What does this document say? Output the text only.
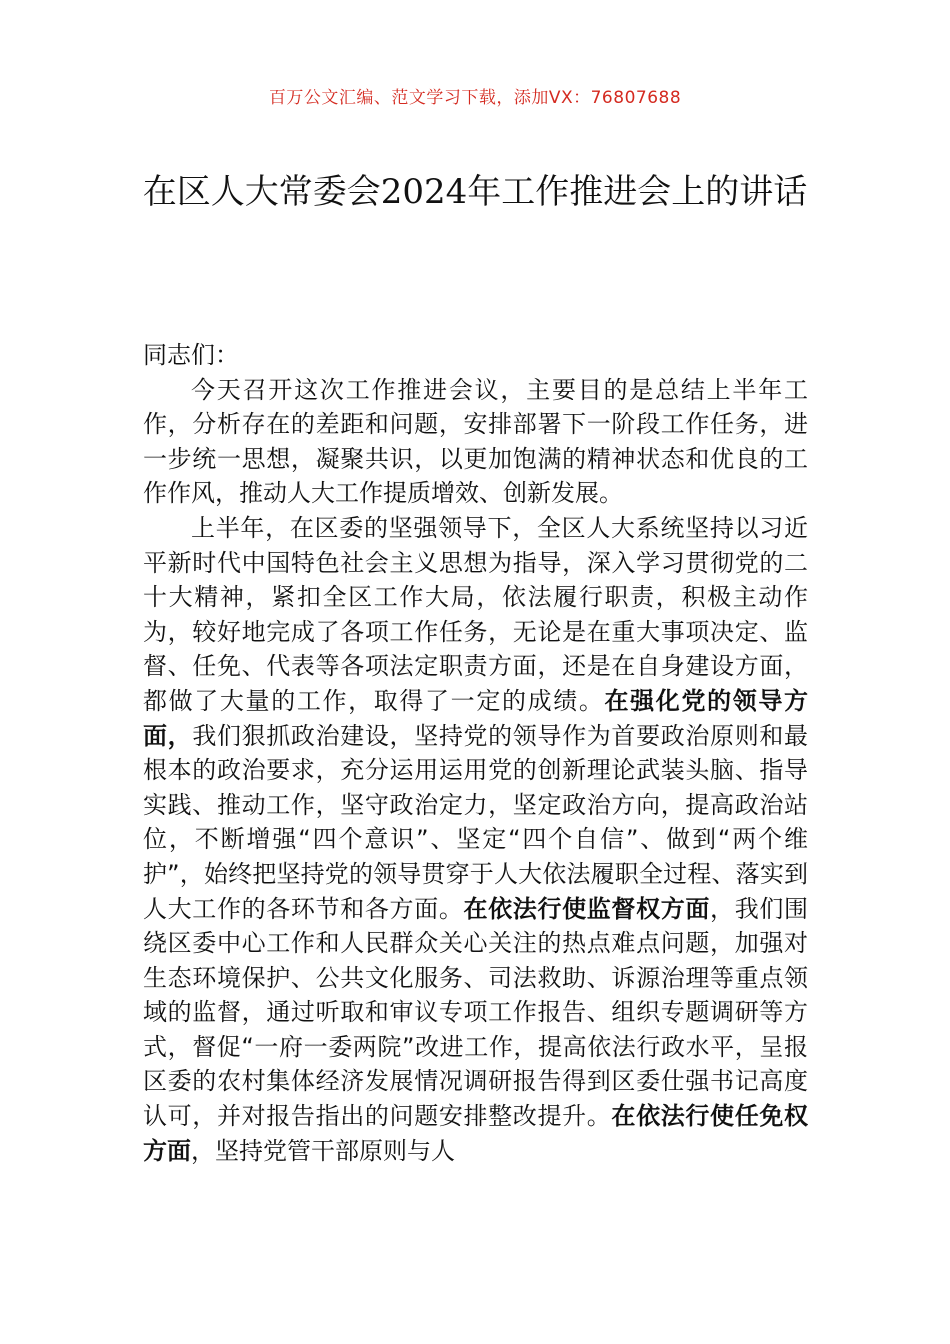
百万公文汇编、范文学习下载，添加VX：76807688
在区人大常委会2024年工作推进会上的讲话

同志们：

今天召开这次工作推进会议，主要目的是总结上半年工作，分析存在的差距和问题，安排部署下一阶段工作任务，进一步统一思想，凝聚共识，以更加饱满的精神状态和优良的工作作风，推动人大工作提质增效、创新发展。

上半年，在区委的坚强领导下，全区人大系统坚持以习近平新时代中国特色社会主义思想为指导，深入学习贯彻党的二十大精神，紧扣全区工作大局，依法履行职责，积极主动作为，较好地完成了各项工作任务，无论是在重大事项决定、监督、任免、代表等各项法定职责方面，还是在自身建设方面，都做了大量的工作，取得了一定的成绩。在强化党的领导方面，我们狠抓政治建设，坚持党的领导作为首要政治原则和最根本的政治要求，充分运用运用党的创新理论武装头脑、指导实践、推动工作，坚守政治定力，坚定政治方向，提高政治站位，不断增强“四个意识”、坚定“四个自信”、做到“两个维护”，始终把坚持党的领导贯穿于人大依法履职全过程、落实到人大工作的各环节和各方面。在依法行使监督权方面，我们围绕区委中心工作和人民群众关心关注的热点难点问题，加强对生态环境保护、公共文化服务、司法救助、诉源治理等重点领域的监督，通过听取和审议专项工作报告、组织专题调研等方式，督促“一府一委两院”改进工作，提高依法行政水平，呈报区委的农村集体经济发展情况调研报告得到区委仕强书记高度认可，并对报告指出的问题安排整改提升。在依法行使任免权方面，坚持党管干部原则与人
